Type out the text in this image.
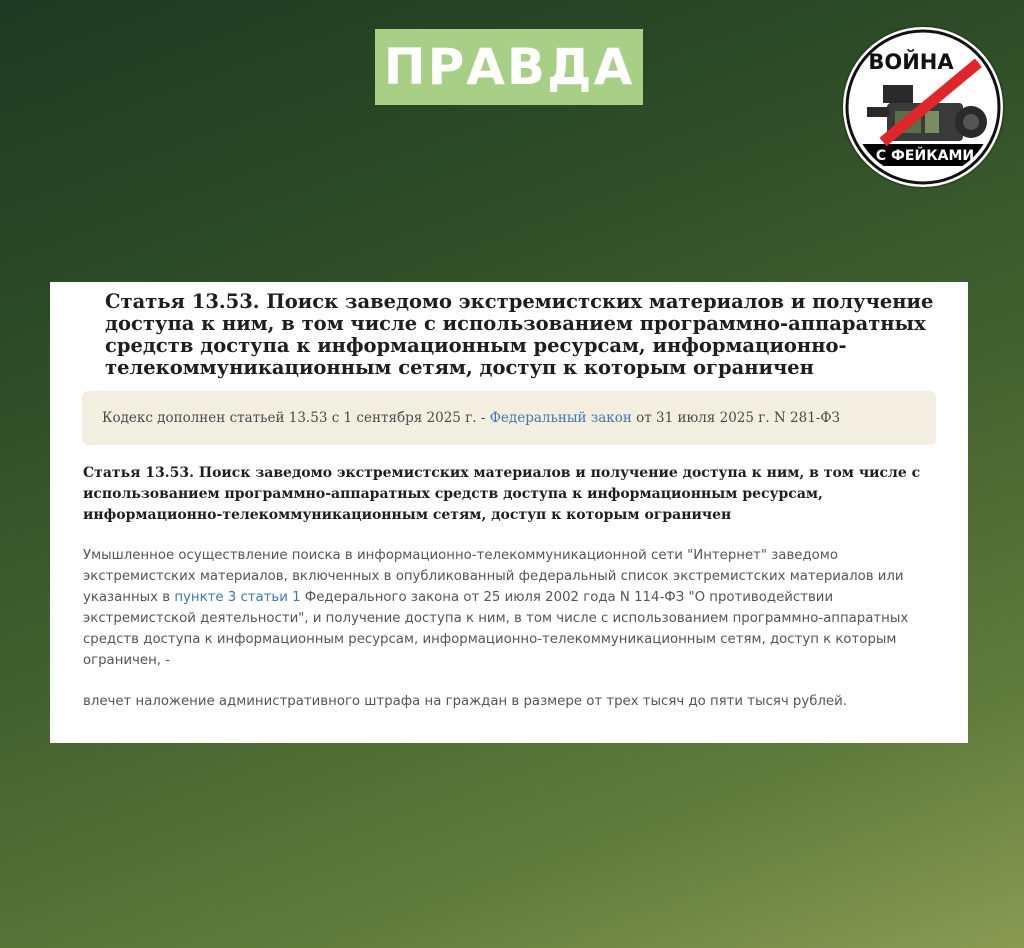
ПРАВДА	ВОЙНА
С ФЕЙКАМИ
Статья 13.53. Поиск заведомо экстремистских материалов и получение доступа к ним, в том числе с использованием программно-аппаратных средств доступа к информационным ресурсам, информационно-телекоммуникационным сетям, доступ к которым ограничен
Кодекс дополнен статьей 13.53 с 1 сентября 2025 г. - Федеральный закон от 31 июля 2025 г. N 281-ФЗ
Статья 13.53. Поиск заведомо экстремистских материалов и получение доступа к ним, в том числе с использованием программно-аппаратных средств доступа к информационным ресурсам, информационно-телекоммуникационным сетям, доступ к которым ограничен

Умышленное осуществление поиска в информационно-телекоммуникационной сети "Интернет" заведомо экстремистских материалов, включенных в опубликованный федеральный список экстремистских материалов или указанных в пункте 3 статьи 1 Федерального закона от 25 июля 2002 года N 114-ФЗ "О противодействии экстремистской деятельности", и получение доступа к ним, в том числе с использованием программно-аппаратных средств доступа к информационным ресурсам, информационно-телекоммуникационным сетям, доступ к которым ограничен, -

влечет наложение административного штрафа на граждан в размере от трех тысяч до пяти тысяч рублей.
